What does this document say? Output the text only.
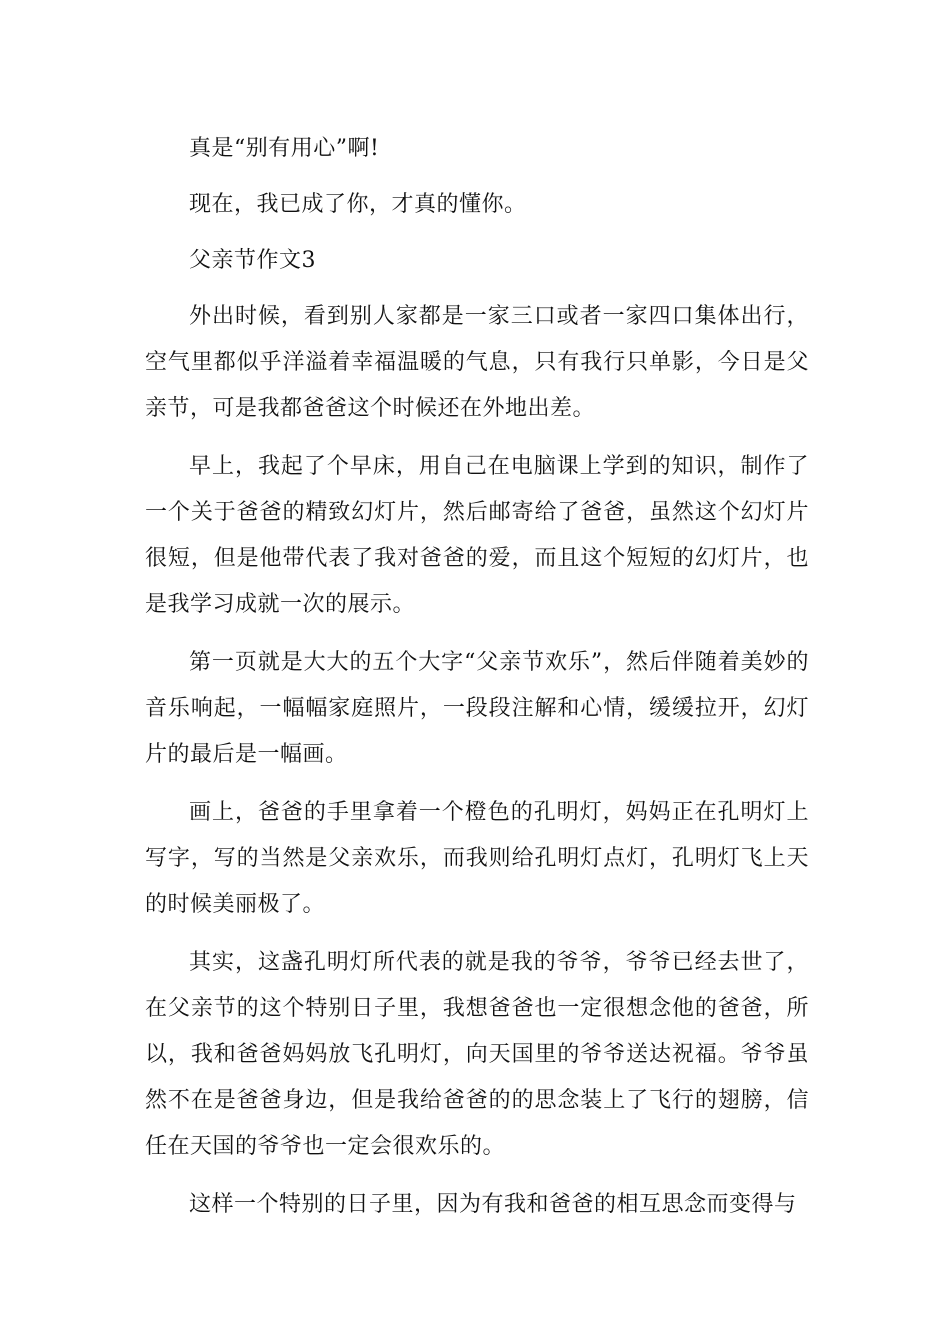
真是“别有用心”啊!

现在，我已成了你，才真的懂你。

父亲节作文3

外出时候，看到别人家都是一家三口或者一家四口集体出行，空气里都似乎洋溢着幸福温暖的气息，只有我行只单影，今日是父亲节，可是我都爸爸这个时候还在外地出差。

早上，我起了个早床，用自己在电脑课上学到的知识，制作了一个关于爸爸的精致幻灯片，然后邮寄给了爸爸，虽然这个幻灯片很短，但是他带代表了我对爸爸的爱，而且这个短短的幻灯片，也是我学习成就一次的展示。

第一页就是大大的五个大字“父亲节欢乐”，然后伴随着美妙的音乐响起，一幅幅家庭照片，一段段注解和心情，缓缓拉开，幻灯片的最后是一幅画。

画上，爸爸的手里拿着一个橙色的孔明灯，妈妈正在孔明灯上写字，写的当然是父亲欢乐，而我则给孔明灯点灯，孔明灯飞上天的时候美丽极了。

其实，这盏孔明灯所代表的就是我的爷爷，爷爷已经去世了，在父亲节的这个特别日子里，我想爸爸也一定很想念他的爸爸，所以，我和爸爸妈妈放飞孔明灯，向天国里的爷爷送达祝福。爷爷虽然不在是爸爸身边，但是我给爸爸的的思念装上了飞行的翅膀，信任在天国的爷爷也一定会很欢乐的。

这样一个特别的日子里，因为有我和爸爸的相互思念而变得与
